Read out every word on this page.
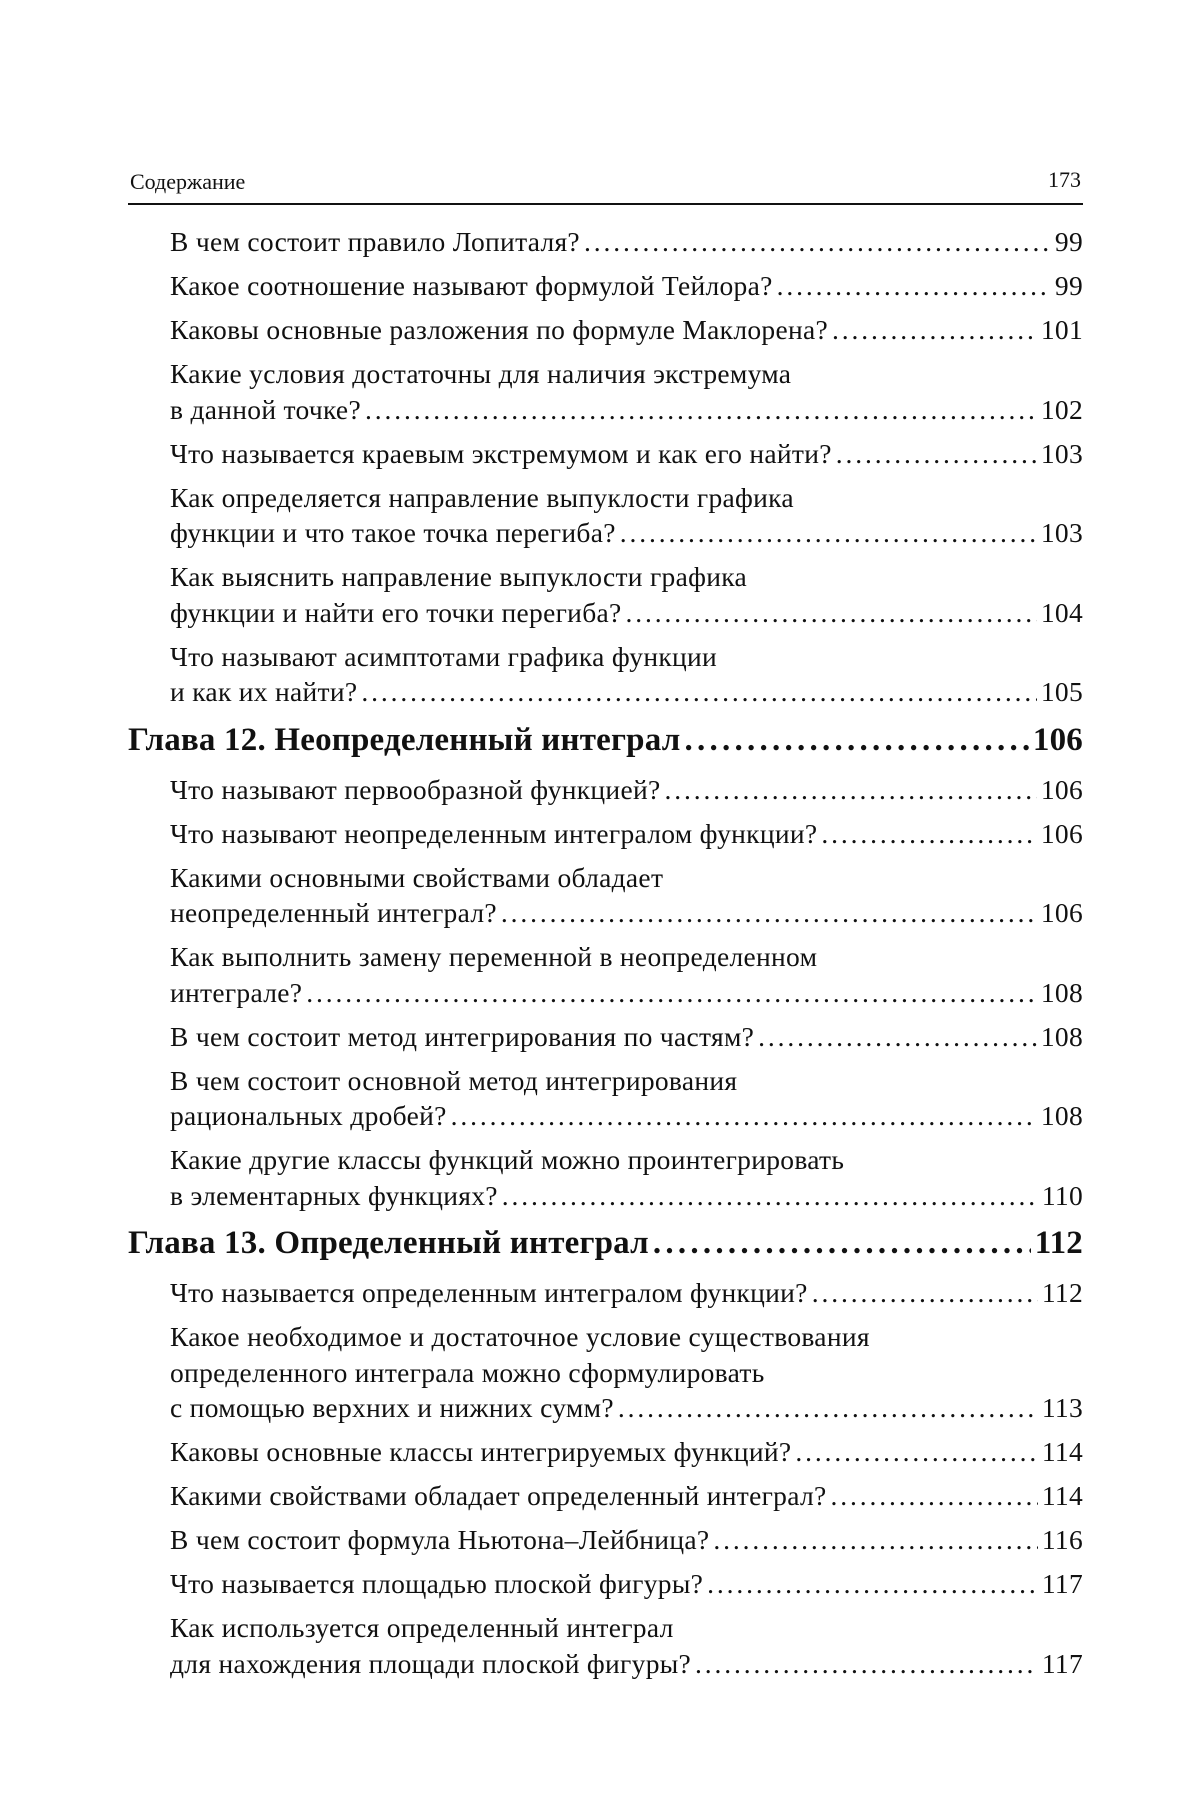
Содержание	173
В чем состоит правило Лопиталя? . . .	99
Какое соотношение называют формулой Тейлора? . . .	99
Каковы основные разложения по формуле Маклорена? . . .	101
Какие условия достаточны для наличия экстремума
в данной точке? . . .	102
Что называется краевым экстремумом и как его найти? . . .	103
Как определяется направление выпуклости графика
функции и что такое точка перегиба? . . .	103
Как выяснить направление выпуклости графика
функции и найти его точки перегиба? . . .	104
Что называют асимптотами графика функции
и как их найти? . . .	105
Глава 12. Неопределенный интеграл . . .	106
Что называют первообразной функцией? . . .	106
Что называют неопределенным интегралом функции? . . .	106
Какими основными свойствами обладает
неопределенный интеграл? . . .	106
Как выполнить замену переменной в неопределенном
интеграле? . . .	108
В чем состоит метод интегрирования по частям? . . .	108
В чем состоит основной метод интегрирования
рациональных дробей? . . .	108
Какие другие классы функций можно проинтегрировать
в элементарных функциях? . . .	110
Глава 13. Определенный интеграл . . .	112
Что называется определенным интегралом функции? . . .	112
Какое необходимое и достаточное условие существования
определенного интеграла можно сформулировать
с помощью верхних и нижних сумм? . . .	113
Каковы основные классы интегрируемых функций? . . .	114
Какими свойствами обладает определенный интеграл? . . .	114
В чем состоит формула Ньютона–Лейбница? . . .	116
Что называется площадью плоской фигуры? . . .	117
Как используется определенный интеграл
для нахождения площади плоской фигуры? . . .	117
